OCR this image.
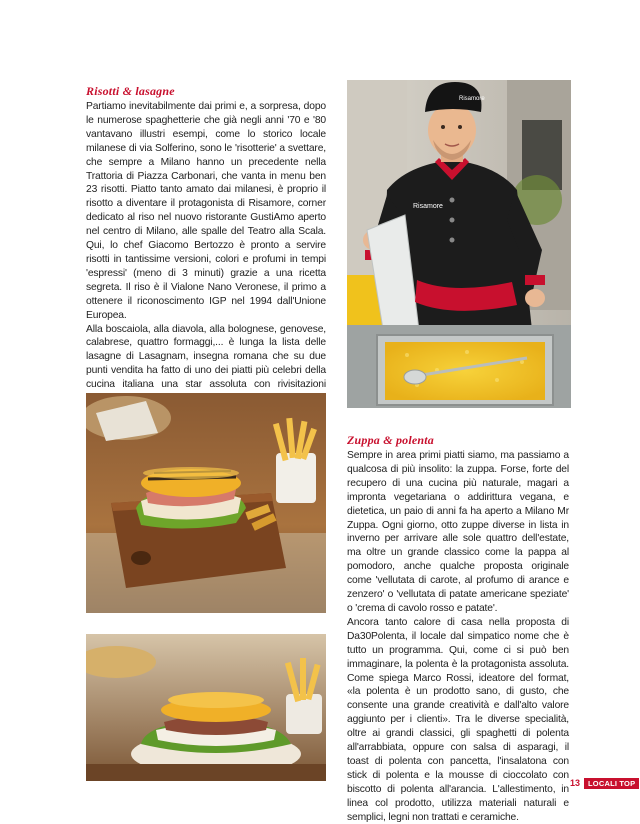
Risotti & lasagne

Partiamo inevitabilmente dai primi e, a sorpresa, dopo le numerose spaghetterie che già negli anni '70 e '80 vantavano illustri esempi, come lo storico locale milanese di via Solferino, sono le 'risotterie' a svettare, che sempre a Milano hanno un precedente nella Trattoria di Piazza Carbonari, che vanta in menu ben 23 risotti. Piatto tanto amato dai milanesi, è proprio il risotto a diventare il protagonista di Risamore, corner dedicato al riso nel nuovo ristorante GustiAmo aperto nel centro di Milano, alle spalle del Teatro alla Scala. Qui, lo chef Giacomo Bertozzo è pronto a servire risotti in tantissime versioni, colori e profumi in tempi 'espressi' (meno di 3 minuti) grazie a una ricetta segreta. Il riso è il Vialone Nano Veronese, il primo a ottenere il riconoscimento IGP nel 1994 dall'Unione Europea.

Alla boscaiola, alla diavola, alla bolognese, genovese, calabrese, quattro formaggi,... è lunga la lista delle lasagne di Lasagnam, insegna romana che su due punti vendita ha fatto di uno dei piatti più celebri della cucina italiana una star assoluta con rivisitazioni

Risamore
Risamore
Zuppa & polenta

Sempre in area primi piatti siamo, ma passiamo a qualcosa di più insolito: la zuppa. Forse, forte del recupero di una cucina più naturale, magari a impronta vegetariana o addirittura vegana, e dietetica, un paio di anni fa ha aperto a Milano Mr Zuppa. Ogni giorno, otto zuppe diverse in lista in inverno per arrivare alle sole quattro dell'estate, ma oltre un grande classico come la pappa al pomodoro, anche qualche proposta originale come 'vellutata di carote, al profumo di arance e zenzero' o 'vellutata di patate americane speziate' o 'crema di cavolo rosso e patate'.

Ancora tanto calore di casa nella proposta di Da30Polenta, il locale dal simpatico nome che è tutto un programma. Qui, come ci si può ben immaginare, la polenta è la protagonista assoluta. Come spiega Marco Rossi, ideatore del format, «la polenta è un prodotto sano, di gusto, che consente una grande creatività e dall'alto valore aggiunto per i clienti». Tra le diverse specialità, oltre ai grandi classici, gli spaghetti di polenta all'arrabbiata, oppure con salsa di asparagi, il toast di polenta con pancetta, l'insalatona con stick di polenta e la mousse di cioccolato con biscotto di polenta all'arancia. L'allestimento, in linea col prodotto, utilizza materiali naturali e semplici, legni non trattati e ceramiche.

13	LOCALI TOP
